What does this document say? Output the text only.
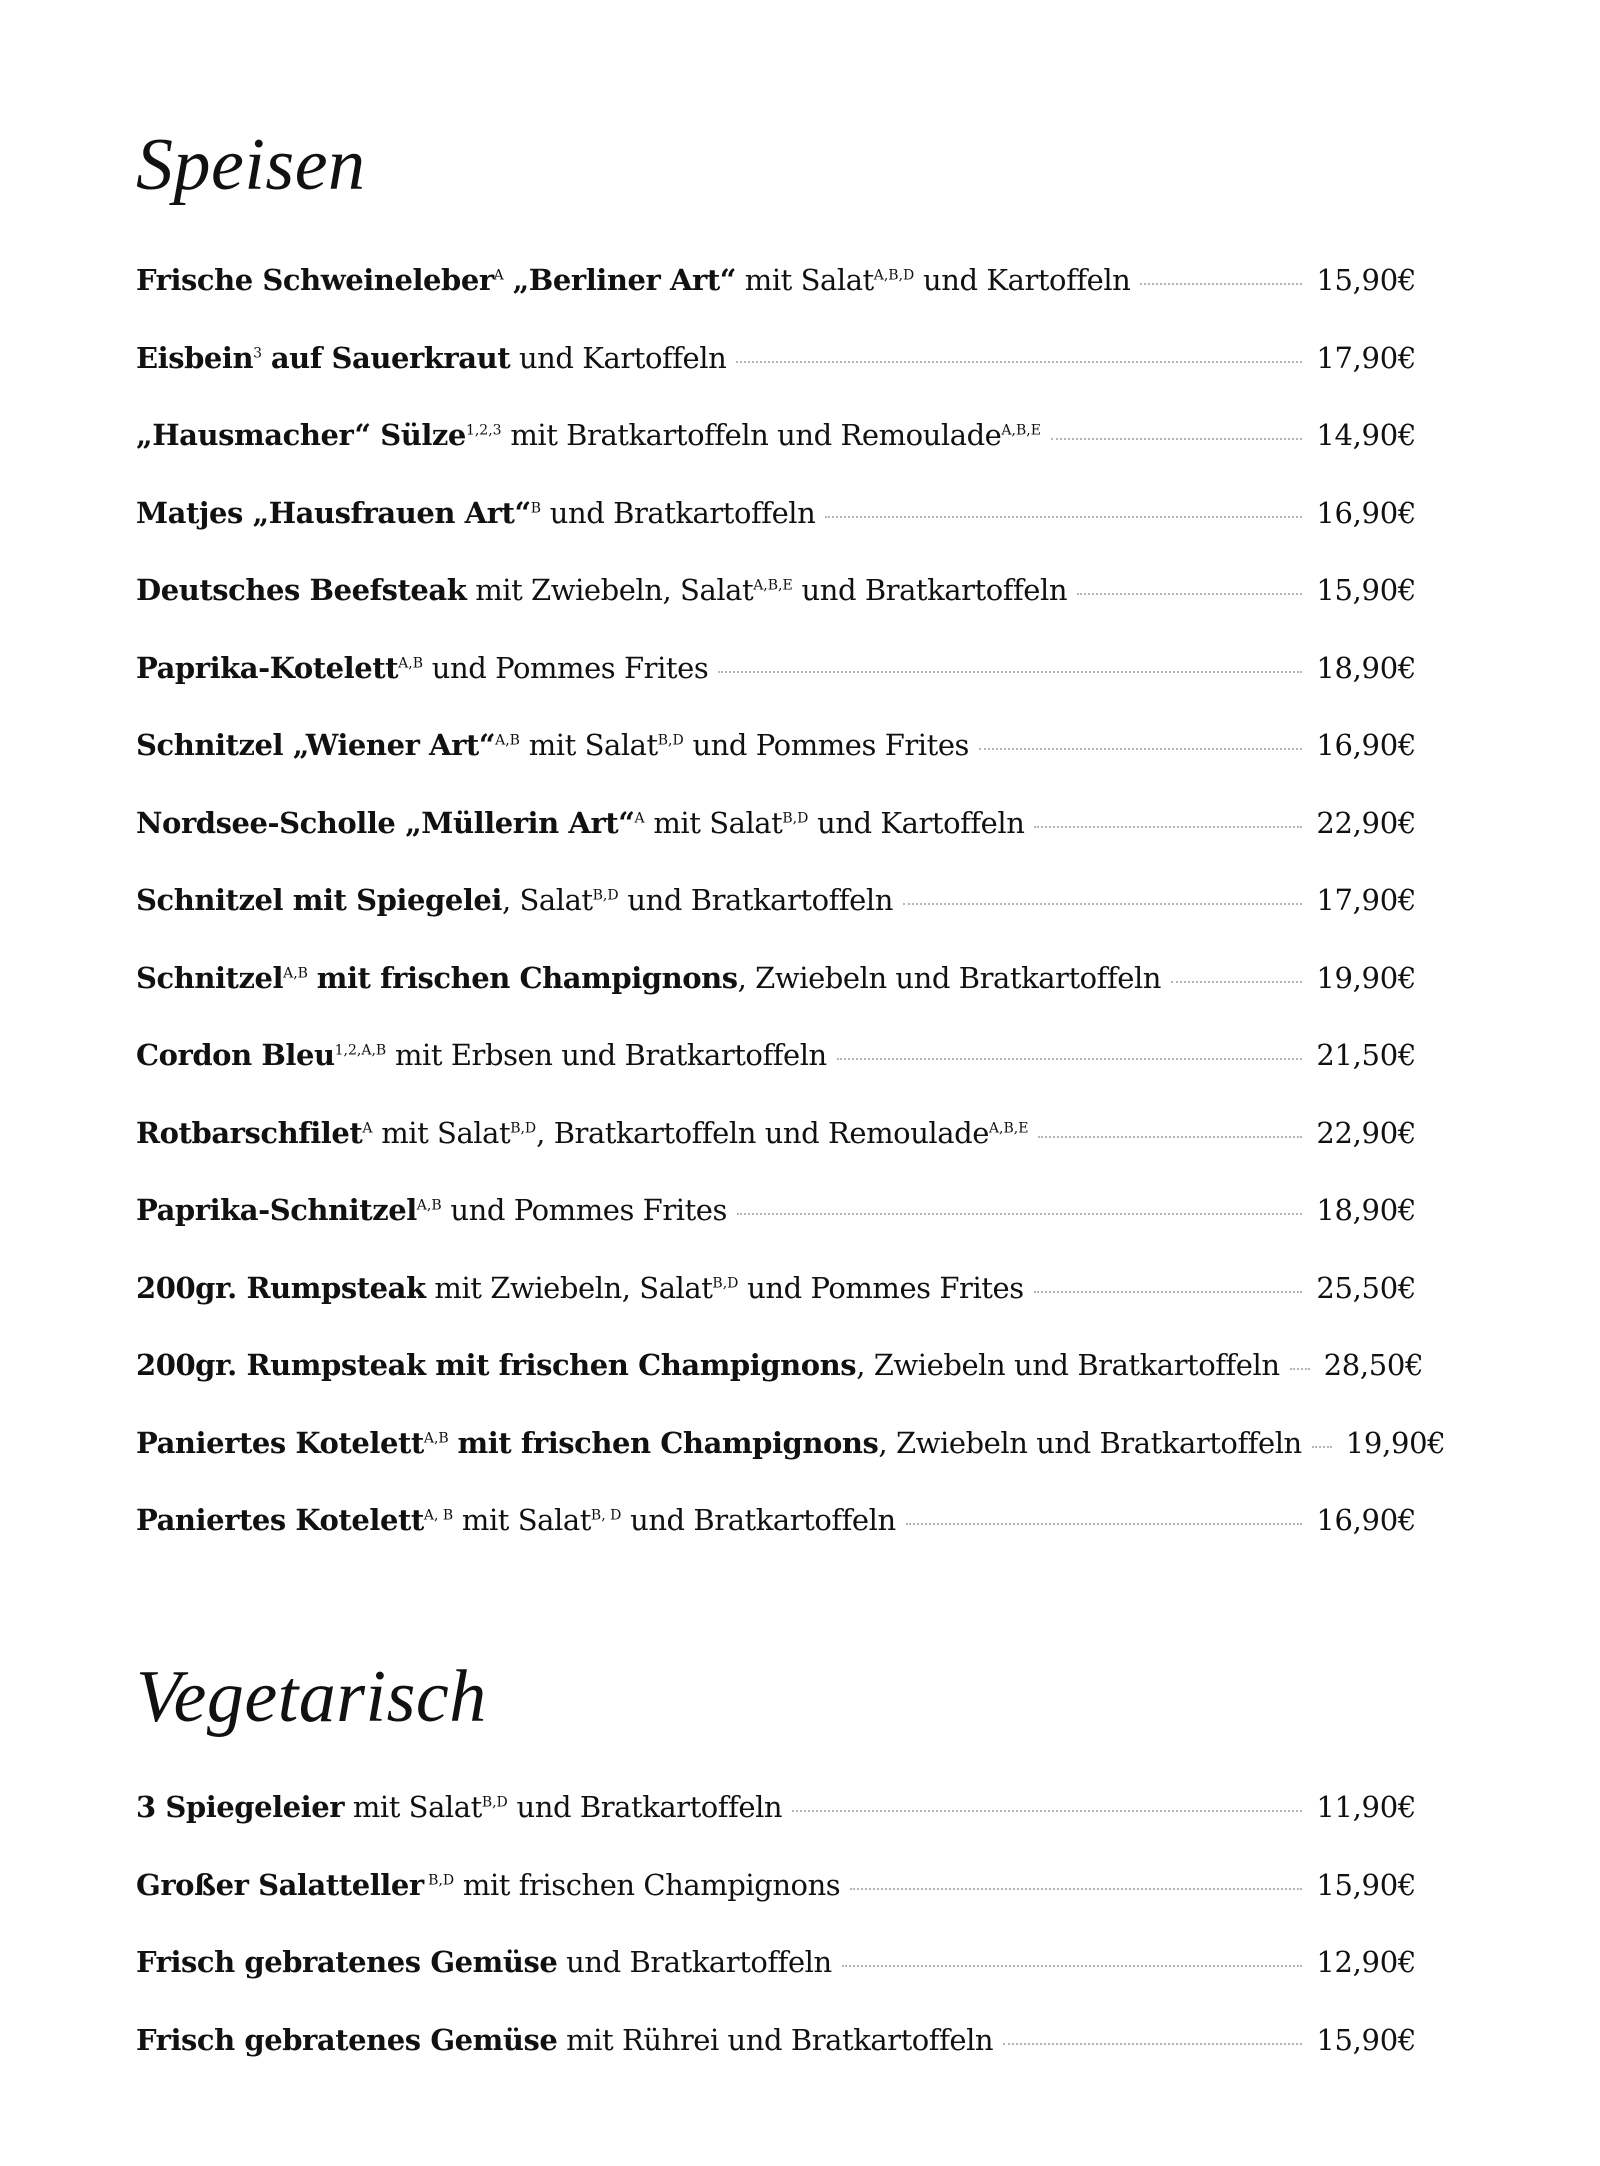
Speisen
Frische Schweineleber$^A$ „Berliner Art“ mit Salat$^{A,B,D}$ und Kartoffeln	15,90€
Eisbein$^3$ auf Sauerkraut und Kartoffeln	17,90€
„Hausmacher“ Sülze$^{1,2,3}$ mit Bratkartoffeln und Remoulade$^{A,B,E}$	14,90€
Matjes „Hausfrauen Art“$^B$ und Bratkartoffeln	16,90€
Deutsches Beefsteak mit Zwiebeln, Salat$^{A,B,E}$ und Bratkartoffeln	15,90€
Paprika-Kotelett$^{A,B}$ und Pommes Frites	18,90€
Schnitzel „Wiener Art“$^{A,B}$ mit Salat$^{B,D}$ und Pommes Frites	16,90€
Nordsee-Scholle „Müllerin Art“$^A$ mit Salat$^{B,D}$ und Kartoffeln	22,90€
Schnitzel mit Spiegelei, Salat$^{B,D}$ und Bratkartoffeln	17,90€
Schnitzel$^{A,B}$ mit frischen Champignons, Zwiebeln und Bratkartoffeln	19,90€
Cordon Bleu$^{1,2,A,B}$ mit Erbsen und Bratkartoffeln	21,50€
Rotbarschfilet$^A$ mit Salat$^{B,D}$, Bratkartoffeln und Remoulade$^{A,B,E}$	22,90€
Paprika-Schnitzel$^{A,B}$ und Pommes Frites	18,90€
200gr. Rumpsteak mit Zwiebeln, Salat$^{B,D}$ und Pommes Frites	25,50€
200gr. Rumpsteak mit frischen Champignons, Zwiebeln und Bratkartoffeln 28,50€
Paniertes Kotelett$^{A,B}$ mit frischen Champignons, Zwiebeln und Bratkartoffeln 19,90€
Paniertes Kotelett$^{A, B}$ mit Salat$^{B, D}$ und Bratkartoffeln	16,90€
Vegetarisch
3 Spiegeleier mit Salat$^{B,D}$ und Bratkartoffeln	11,90€
Großer Salatteller $^{B,D}$ mit frischen Champignons	15,90€
Frisch gebratenes Gemüse und Bratkartoffeln	12,90€
Frisch gebratenes Gemüse mit Rührei und Bratkartoffeln	15,90€
